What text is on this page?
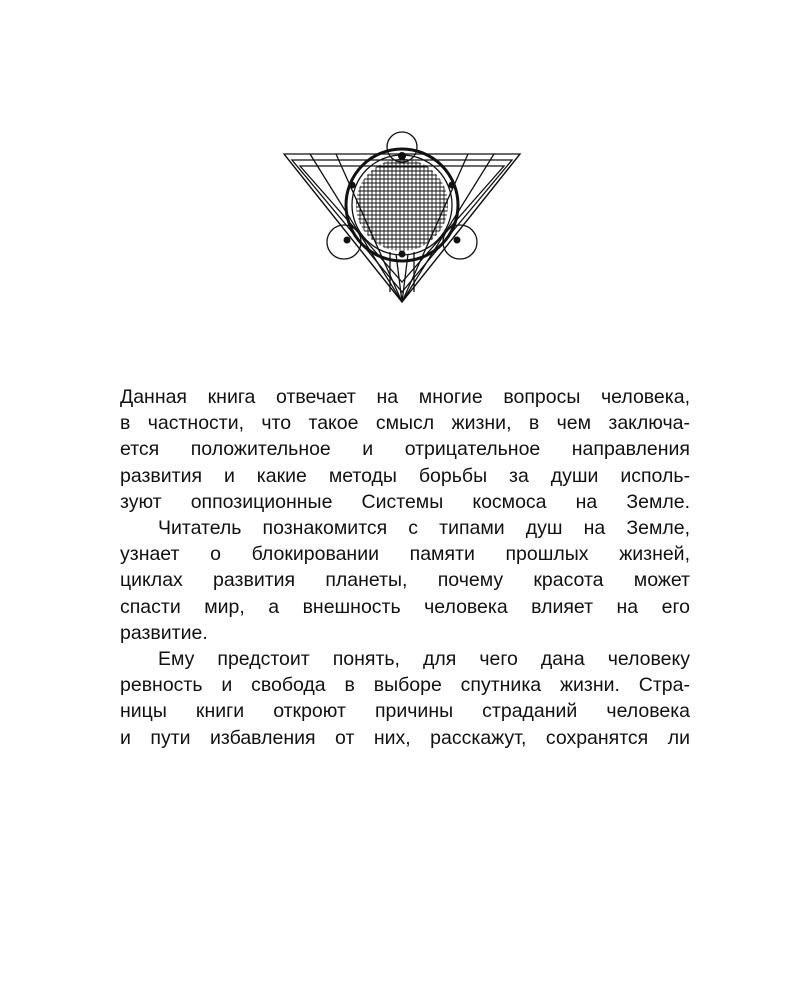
Данная книга отвечает на многие вопросы человека,
в частности, что такое смысл жизни, в чем заключа-
ется положительное и отрицательное направления
развития и какие методы борьбы за души исполь-
зуют оппозиционные Системы космоса на Земле.
Читатель познакомится с типами душ на Земле,
узнает о блокировании памяти прошлых жизней,
циклах развития планеты, почему красота может
спасти мир, а внешность человека влияет на его
развитие.
Ему предстоит понять, для чего дана человеку
ревность и свобода в выборе спутника жизни. Стра-
ницы книги откроют причины страданий человека
и пути избавления от них, расскажут, сохранятся ли
